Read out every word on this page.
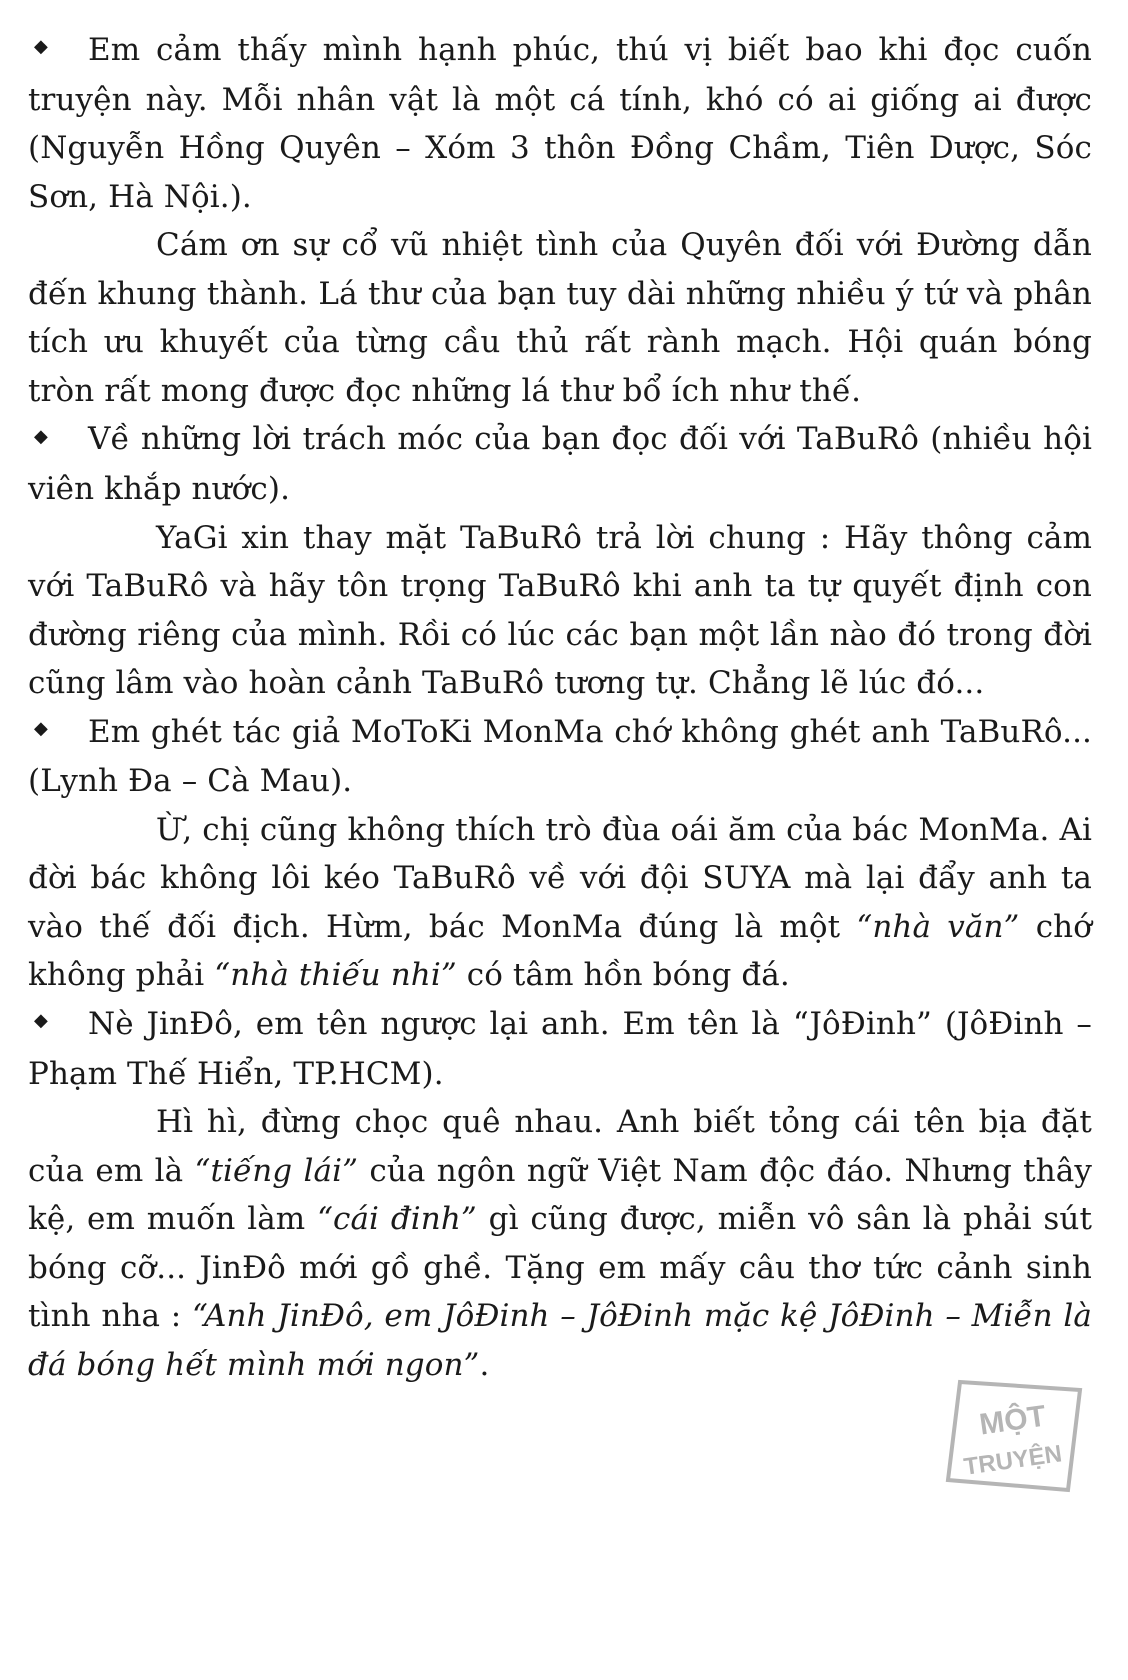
◆ Em cảm thấy mình hạnh phúc, thú vị biết bao khi đọc cuốn truyện này. Mỗi nhân vật là một cá tính, khó có ai giống ai được (Nguyễn Hồng Quyên – Xóm 3 thôn Đồng Chầm, Tiên Dược, Sóc Sơn, Hà Nội.).

Cám ơn sự cổ vũ nhiệt tình của Quyên đối với Đường dẫn đến khung thành. Lá thư của bạn tuy dài những nhiều ý tứ và phân tích ưu khuyết của từng cầu thủ rất rành mạch. Hội quán bóng tròn rất mong được đọc những lá thư bổ ích như thế.

◆ Về những lời trách móc của bạn đọc đối với TaBuRô (nhiều hội viên khắp nước).

YaGi xin thay mặt TaBuRô trả lời chung : Hãy thông cảm với TaBuRô và hãy tôn trọng TaBuRô khi anh ta tự quyết định con đường riêng của mình. Rồi có lúc các bạn một lần nào đó trong đời cũng lâm vào hoàn cảnh TaBuRô tương tự. Chẳng lẽ lúc đó...

◆ Em ghét tác giả MoToKi MonMa chớ không ghét anh TaBuRô... (Lynh Đa – Cà Mau).

Ừ, chị cũng không thích trò đùa oái ăm của bác MonMa. Ai đời bác không lôi kéo TaBuRô về với đội SUYA mà lại đẩy anh ta vào thế đối địch. Hừm, bác MonMa đúng là một “nhà văn” chớ không phải “nhà thiếu nhi” có tâm hồn bóng đá.

◆ Nè JinĐô, em tên ngược lại anh. Em tên là “JôĐinh” (JôĐinh – Phạm Thế Hiển, TP.HCM).

Hì hì, đừng chọc quê nhau. Anh biết tỏng cái tên bịa đặt của em là “tiếng lái” của ngôn ngữ Việt Nam độc đáo. Nhưng thây kệ, em muốn làm “cái đinh” gì cũng được, miễn vô sân là phải sút bóng cỡ... JinĐô mới gồ ghề. Tặng em mấy câu thơ tức cảnh sinh tình nha : “Anh JinĐô, em JôĐinh – JôĐinh mặc kệ JôĐinh – Miễn là đá bóng hết mình mới ngon”.

MỘT
TRUYỆN
